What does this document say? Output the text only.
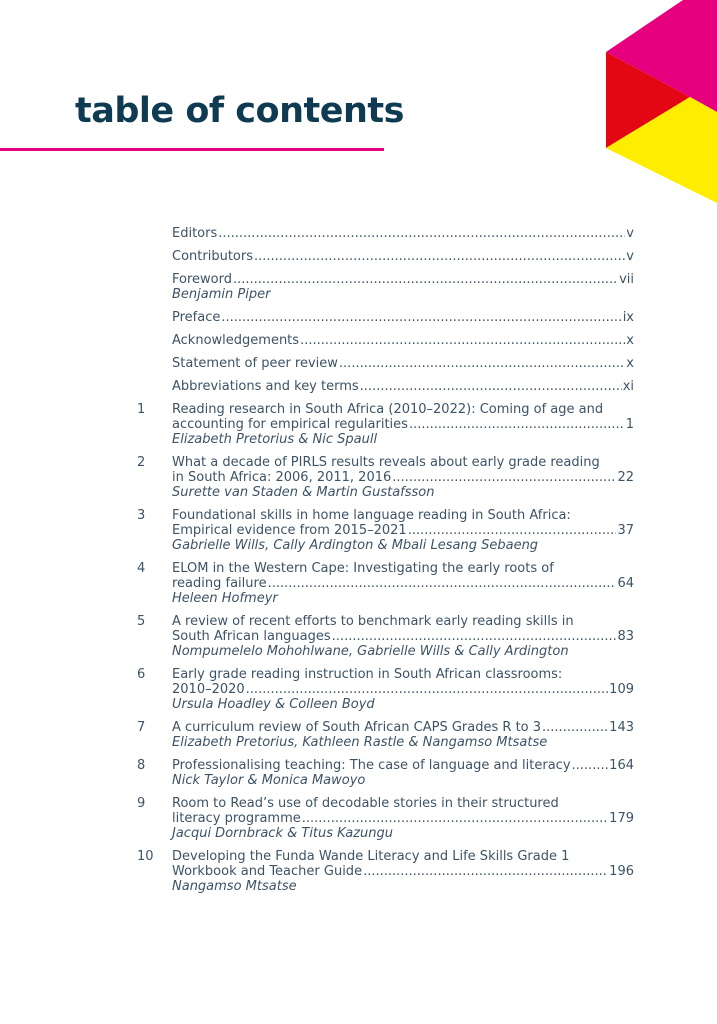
table of contents
Editors .....	v
Contributors .....	v
Foreword .....	vii
Benjamin Piper
Preface .....	ix
Acknowledgements .....	x
Statement of peer review .....	x
Abbreviations and key terms .....	xi
1	Reading research in South Africa (2010–2022): Coming of age and
accounting for empirical regularities .....	1
Elizabeth Pretorius & Nic Spaull
2	What a decade of PIRLS results reveals about early grade reading
in South Africa: 2006, 2011, 2016 .....	22
Surette van Staden & Martin Gustafsson
3	Foundational skills in home language reading in South Africa:
Empirical evidence from 2015–2021 .....	37
Gabrielle Wills, Cally Ardington & Mbali Lesang Sebaeng
4	ELOM in the Western Cape: Investigating the early roots of
reading failure .....	64
Heleen Hofmeyr
5	A review of recent efforts to benchmark early reading skills in
South African languages .....	83
Nompumelelo Mohohlwane, Gabrielle Wills & Cally Ardington
6	Early grade reading instruction in South African classrooms:
2010–2020 .....	109
Ursula Hoadley & Colleen Boyd
7	A curriculum review of South African CAPS Grades R to 3 .....	143
Elizabeth Pretorius, Kathleen Rastle & Nangamso Mtsatse
8	Professionalising teaching: The case of language and literacy .....	164
Nick Taylor & Monica Mawoyo
9	Room to Read’s use of decodable stories in their structured
literacy programme .....	179
Jacqui Dornbrack & Titus Kazungu
10	Developing the Funda Wande Literacy and Life Skills Grade 1
Workbook and Teacher Guide .....	196
Nangamso Mtsatse
